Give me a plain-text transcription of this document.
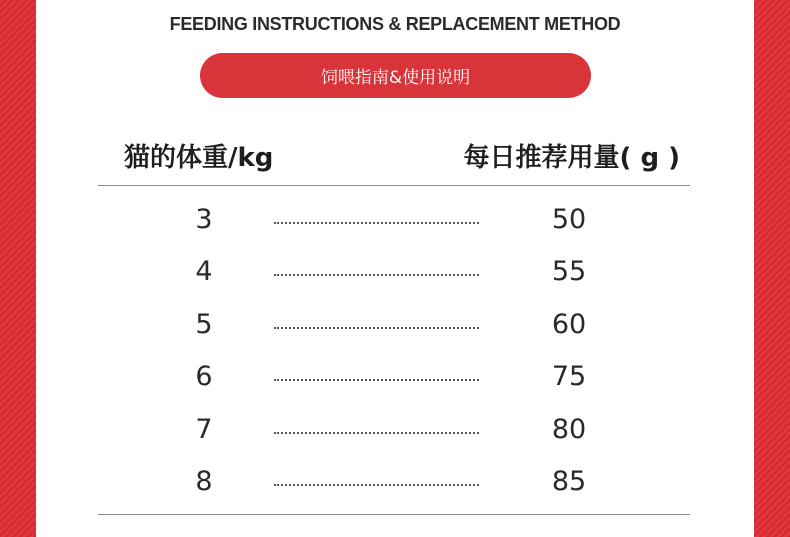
FEEDING INSTRUCTIONS & REPLACEMENT METHOD
饲喂指南&使用说明
猫的体重/kg	每日推荐用量( g )
3	50
4	55
5	60
6	75
7	80
8	85
